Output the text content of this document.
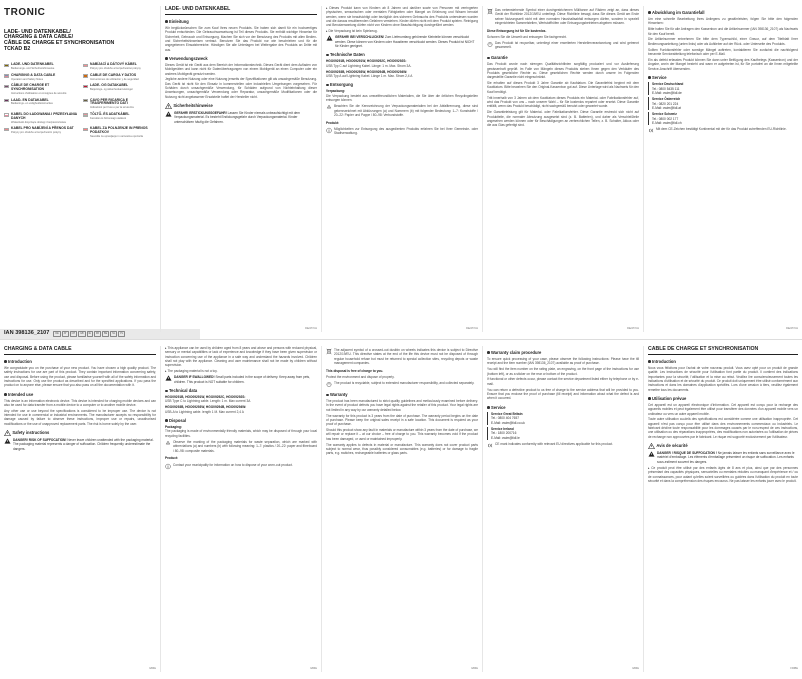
TRONIC
LADE- UND DATENKABEL/
CHARGING & DATA CABLE/
CÂBLE DE CHARGE ET SYNCHRONISATION
TCKAD B2
LADE- UND DATENKABEL
Bedienungs- und Sicherheitshinweise
NABÍJACÍ A DÁTOVÝ KÁBEL
Pokyny pre obsluhu a bezpečnostné pokyny
CHARGING & DATA CABLE
Operation and Safety Notes
CABLE DE CARGA Y DATOS
Instrucciones de utilización y de seguridad
CÂBLE DE CHARGE ET SYNCHRONISATION
Instructions d'utilisation et consignes de sécurité
LADE- OG DATAKABEL
Betjenings- og sikkerhedsanvisninger
LAAD- EN DATAKABEL
Bedienings- en veiligheidsinstructies
CAVO PER RICARICA E TRASFERIMENTO DATI
Indicazioni per l'uso e per la sicurezza
KABEL DO ŁADOWANIA I PRZESYŁANIA DANYCH
Wskazówki dotyczące obsługi i bezpieczeństwa
TÖLTŐ- ÉS ADATKÁBEL
Kezelési és biztonsági utalások
KABEL PRO NABÍJENÍ A PŘENOS DAT
Pokyny pro obsluhu a bezpečnostní pokyny
KABEL ZA POLNJENJE IN PRENOS PODATKOV
Navodila za upravljanje in varnostna opozorila
IAN 398136_2107	DE	AT	CH	GB	IE	FR	BE	NL	PL
LADE- UND DATENKABEL
Einleitung

Wir beglückwünschen Sie zum Kauf Ihres neuen Produkts. Sie haben sich damit für ein hochwertiges Produkt entschieden. Die Gebrauchsanweisung ist Teil dieses Produkts. Sie enthält wichtige Hinweise für Sicherheit, Gebrauch und Entsorgung. Machen Sie sich vor der Benutzung des Produkts mit allen Bedien- und Sicherheitshinweisen vertraut. Benutzen Sie das Produkt nur wie beschrieben und für die angegebenen Einsatzbereiche. Händigen Sie alle Unterlagen bei Weitergabe des Produkts an Dritte mit aus.

Verwendungszweck

Dieses Gerät ist ein Gerät aus dem Bereich der Informationstechnik. Dieses Gerät dient dem Aufladen von Mobilgeräten und kann nicht für Datenübertragungen von einem Mobilgerät an einen Computer oder ein anderes Mobilgerät genutzt werden.

Jegliche andere Nutzung oder eine Nutzung jenseits der Spezifikationen gilt als unsachgemäße Benutzung. Das Gerät ist nicht für den Einsatz in kommerziellen oder industriellen Umgebungen vorgesehen. Für Schäden durch unsachgemäße Verwendung, für Schäden aufgrund von Nichteinhaltung dieser Anweisungen, unsachgemäße Verwendung oder Reparatur, unsachgemäße Modifikationen oder die Nutzung nicht angelassener Ersatzteile haftet der Hersteller nicht.

Sicherheitshinweise
GEFAHR! ERSTICKUNGSGEFAHR! Lassen Sie Kinder niemals unbeaufsichtigt mit dem Verpackungsmaterial. Es besteht Erstickungsgefahr durch Verpackungsmaterial. Kinder unterschätzen häufig die Gefahren.
DE/AT/CH

▸ Dieses Produkt kann von Kindern ab 8 Jahren und darüber sowie von Personen mit verringerten physischen, sensorischen oder mentalen Fähigkeiten oder Mangel an Erfahrung und Wissen benutzt werden, wenn sie beaufsichtigt oder bezüglich des sicheren Gebrauchs des Produkts unterwiesen wurden und die daraus resultierenden Gefahren verstehen. Kinder dürfen nicht mit dem Produkt spielen. Reinigung und Benutzerwartung dürfen nicht von Kindern ohne Beaufsichtigung durchgeführt werden.

▸ Die Verpackung ist kein Spielzeug.

GEFAHR! BEI VERSCHLUCKEN! Zum Lieferumfang gehörende Kleinteile können verschluckt werden. Diese können von Kindern oder Haustieren verschluckt werden. Dieses Produkt ist NICHT für Kinder geeignet.
Technische Daten

HGO09291B, HGO09291W, HGO09292C, HGO09292S:
USB Typ C auf Lightning Kabel. Länge: 1 m. Max. Strom 3A.

HGO09293B, HGO09293W, HGO09294B, HGO09294W:
USB Typ A auf Lightning Kabel. Länge 1 m. Max. Strom 2,4 A

Entsorgung

Verpackung:
Die Verpackung besteht aus umweltfreundlichen Materialien, die Sie über die örtlichen Recyclingstellen entsorgen können.

Beachten Sie die Kennzeichnung der Verpackungsmaterialien bei der Abfalltrennung, diese sind gekennzeichnet mit Abkürzungen (a) und Nummern (b) mit folgender Bedeutung: 1–7: Kunststoffe / 20–22: Papier und Pappe / 80–98: Verbundstoffe.

Produkt:

Möglichkeiten zur Entsorgung des ausgedienten Produkts erfahren Sie bei Ihrer Gemeinde- oder Stadtverwaltung.

DE/AT/CH

Das nebenstehende Symbol einer durchgestrichenen Mülltonne auf Rädern zeigt an, dass dieses Gerät der Richtlinie 2012/19/EU unterliegt. Diese Richtlinie besagt, dass Sie dieses Gerät am Ende seiner Nutzungszeit nicht mit dem normalen Haushaltsabfall entsorgen dürfen, sondern in speziell eingerichteten Sammelstellen, Wertstoffhöfen oder Entsorgungsbetrieben abgeben müssen.

Diese Entsorgung ist für Sie kostenlos.

Schonen Sie die Umwelt und entsorgen Sie fachgerecht.

Das Produkt ist recycelbar, unterliegt einer erweiterten Herstellerverantwortung und wird getrennt gesammelt.

Garantie

Das Produkt wurde nach strengen Qualitätsrichtlinien sorgfältig produziert und vor Auslieferung gewissenhaft geprüft. Im Falle von Mängeln dieses Produkts stehen Ihnen gegen den Verkäufer des Produkts gesetzliche Rechte zu. Diese gesetzlichen Rechte werden durch unsere im Folgenden dargestellte Garantie nicht eingeschränkt.

Sie erhalten auf dieses Produkt 3 Jahre Garantie ab Kaufdatum. Die Garantiefrist beginnt mit dem Kaufdatum. Bitte bewahren Sie den Original-Kassenbon gut auf. Diese Unterlage wird als Nachweis für den Kauf benötigt.

Tritt innerhalb von 3 Jahren ab dem Kaufdatum dieses Produkts ein Material- oder Fabrikationsfehler auf, wird das Produkt von uns – nach unserer Wahl – für Sie kostenlos repariert oder ersetzt. Diese Garantie entfällt, wenn das Produkt beschädigt, nicht sachgemäß benutzt oder gewartet wurde.

Die Garantieleistung gilt für Material- oder Fabrikationsfehler. Diese Garantie erstreckt sich nicht auf Produktteile, die normaler Abnutzung ausgesetzt sind (z. B. Batterien), und daher als Verschleißteile angesehen werden können oder für Beschädigungen an zerbrechlichen Teilen, z. B. Schalter, Akkus oder die aus Glas gefertigt sind.

DE/AT/CH
Abwicklung im Garantiefall

Um eine schnelle Bearbeitung Ihres Anliegens zu gewährleisten, folgen Sie bitte den folgenden Hinweisen:

Bitte halten Sie für alle Anfragen den Kassenbon und die Artikelnummer (IAN 398136_2107) als Nachweis für den Kauf bereit.

Die Artikelnummer entnehmen Sie bitte dem Typenschild, einer Gravur, auf dem Titelblatt Ihrer Bedienungsanleitung (unten links) oder als Aufkleber auf der Rück- oder Unterseite des Produkts.

Sollten Funktionsfehler oder sonstige Mängel auftreten, kontaktieren Sie zunächst die nachfolgend benannte Serviceabteilung telefonisch oder per E-Mail.

Ein als defekt erfasstes Produkt können Sie dann unter Beifügung des Kaufbelegs (Kassenbon) und der Angabe, worin der Mangel besteht und wann er aufgetreten ist, für Sie portofrei an die Ihnen mitgeteilte Service-Anschrift übersenden.

Service
Service Deutschland
Tel.: 0800 5435 111
E-Mail: owim@lidl.de
Service Österreich
Tel.: 0820 201 224
E-Mail: owim@lidl.at
Service Schweiz
Tel.: 0800 002 177
E-Mail: owim@lidl.ch

Mit dem CE-Zeichen bestätigt Kontinental mit der für das Produkt zutreffenden EU-Richtlinie.

DE/AT/CH
CHARGING & DATA CABLE
Introduction

We congratulate you on the purchase of your new product. You have chosen a high quality product. The safety instructions for use are part of this product. They contain important information concerning safety, use and disposal. Before using the product, please familiarise yourself with all of the safety information and instructions for use. Only use the product as described and for the specified applications. If you pass the product on to anyone else, please ensure that you also pass on all the documentation with it.

Intended use

This device is an information electronic device. This device is intended for charging mobile devices and can also be used for data transfer from a mobile device to a computer or to another mobile device.

Any other use or use beyond the specifications is considered to be improper use. The device is not intended for use in commercial or industrial environments. The manufacturer accepts no responsibility for damage caused by failure to observe these instructions, improper use or repairs, unauthorised modifications or the use of unapproved replacement parts. The risk is borne solely by the user.

Safety instructions
DANGER! RISK OF SUFFOCATION! Never leave children unattended with the packaging material. The packaging material represents a danger of suffocation. Children frequently underestimate the dangers.
GB/IE

▸ This appliance can be used by children aged from 8 years and above and persons with reduced physical, sensory or mental capabilities or lack of experience and knowledge if they have been given supervision or instruction concerning use of the appliance in a safe way and understand the hazards involved. Children shall not play with the appliance. Cleaning and user maintenance shall not be made by children without supervision.

▸ The packaging material is not a toy.

DANGER IF SWALLOWED! Small parts included in the scope of delivery. Keep away from pets, children. This product is NOT suitable for children.
Technical data

HGO09291B, HGO09291W, HGO09292C, HGO09292S:
USB Type C to Lightning cable. Length: 1 m. Max current 3A

HGO09293B, HGO09293W, HGO09294B, HGO09294W:
USB-A to Lightning cable. length 1 M. Max current 2,4 A

Disposal

Packaging:
The packaging is made of environmentally friendly materials, which may be disposed of through your local recycling facilities.

Observe the marking of the packaging materials for waste separation, which are marked with abbreviations (a) and numbers (b) with following meaning: 1–7: plastics / 20–22: paper and fibreboard / 80–98: composite materials.

Product:

Contact your municipality for information on how to dispose of your worn-out product.

GB/IE

The adjacent symbol of a crossed-out dustbin on wheels indicates this device is subject to Directive 2012/19/EU. This directive states at the end of the life this device must not be disposed of through regular household refuse but must be returned to special collection sites, recycling depots or waste management companies.

This disposal is free of charge to you.

Protect the environment and dispose of properly.

The product is recyclable, subject to extended manufacturer responsibility, and collected separately.

Warranty

The product has been manufactured to strict quality guidelines and meticulously examined before delivery. In the event of product defects you have legal rights against the retailer of this product. Your legal rights are not limited in any way by our warranty detailed below.

The warranty for this product is 3 years from the date of purchase. The warranty period begins on the date of purchase. Please keep the original sales receipt in a safe location. This document is required as your proof of purchase.

Should this product show any fault in materials or manufacture within 3 years from the date of purchase, we will repair or replace it – at our choice – free of charge to you. This warranty becomes void if the product has been damaged, or used or maintained improperly.

The warranty applies to defects in material or manufacture. This warranty does not cover product parts subject to normal wear, thus possibly considered consumables (e.g. batteries) or for damage to fragile parts, e.g. switches, rechargeable batteries or glass parts.

GB/IE
Warranty claim procedure

To ensure quick processing of your case, please observe the following instructions: Please have the till receipt and the item number (IAN 398136_2107) available as proof of purchase.

You will find the item number on the rating plate, an engraving, on the front page of the instructions for use (bottom left), or as a sticker on the rear or bottom of the product.

If functional or other defects occur, please contact the service department listed either by telephone or by e-mail.

You can return a defective product to us free of charge to the service address that will be provided to you. Ensure that you enclose the proof of purchase (till receipt) and information about what the defect is and when it occurred.

Service
Service Great Britain
Tel.: 0800 404 7657
E-Mail: owim@lidl.co.uk
Service Ireland
Tel.: 1800 200716
E-Mail: owim@lidl.ie

CE mark indicates conformity with relevant EU directives applicable for this product.

GB/IE
CÂBLE DE CHARGE ET SYNCHRONISATION
Introduction

Nous vous félicitons pour l'achat de votre nouveau produit. Vous avez opté pour un produit de grande qualité. Les instructions de sécurité pour l'utilisation font partie du produit. Il contient des indications importantes pour la sécurité, l'utilisation et la mise au rebut. Veuillez lire consciencieusement toutes les indications d'utilisation et de sécurité du produit. Ce produit doit uniquement être utilisé conformément aux instructions et dans les domaines d'application spécifiés. Lors d'une cession à tiers, veuillez également remettre tous les documents.

Utilisation prévue

Cet appareil est un appareil électronique d'information. Cet appareil est conçu pour la recharge des appareils mobiles et peut également être utilisé pour transférer des données d'un appareil mobile vers un ordinateur ou vers un autre appareil mobile.

Toute autre utilisation au-delà des spécifications est considérée comme une utilisation inappropriée. Cet appareil n'est pas conçu pour être utilisé dans des environnements commerciaux ou industriels. Le fabricant décline toute responsabilité pour les dommages causés par le non-respect de ces instructions, une utilisation ou des réparations inappropriées, des modifications non autorisées ou l'utilisation de pièces de rechange non approuvées par le fabricant. Le risque est supporté exclusivement par l'utilisateur.

Avis de sécurité
DANGER ! RISQUE DE SUFFOCATION ! Ne jamais laisser les enfants sans surveillance avec le matériel d'emballage. Les éléments d'emballage présentent un risque de suffocation. Les enfants sous-estiment souvent les dangers.

▸ Ce produit peut être utilisé par des enfants âgés de 8 ans et plus, ainsi que par des personnes présentant des capacités physiques, sensorielles ou mentales réduites ou manquant d'expérience et / ou de connaissances, pour autant qu'elles soient surveillées ou guidées dans l'utilisation du produit en toute sécurité et dans la compréhension des risques encourus. Ne pas laisser les enfants jouer avec le produit.

FR/BE
